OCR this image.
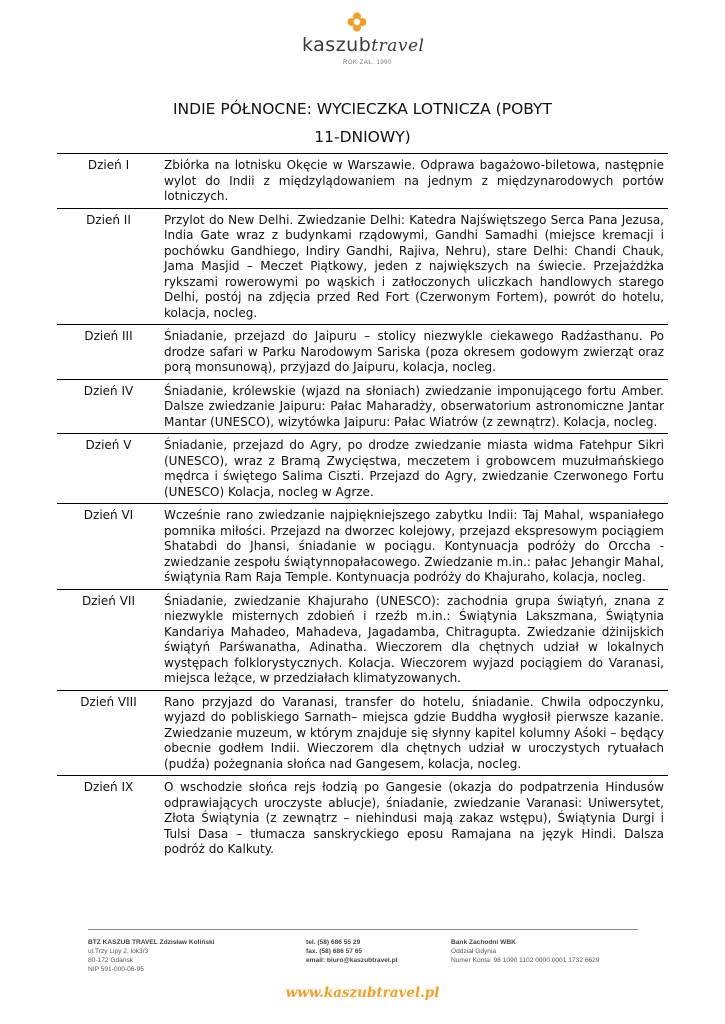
kaszubtravel
ROK ZAŁ. 1990
INDIE PÓŁNOCNE: WYCIECZKA LOTNICZA (POBYT
11-DNIOWY)
Dzień I	Zbiórka na lotnisku Okęcie w Warszawie. Odprawa bagażowo-biletowa, następnie wylot do Indii z międzylądowaniem na jednym z międzynarodowych portów lotniczych.
Dzień II	Przylot do New Delhi. Zwiedzanie Delhi: Katedra Najświętszego Serca Pana Jezusa, India Gate wraz z budynkami rządowymi, Gandhi Samadhi (miejsce kremacji i pochówku Gandhiego, Indiry Gandhi, Rajiva, Nehru), stare Delhi: Chandi Chauk, Jama Masjid – Meczet Piątkowy, jeden z największych na świecie. Przejażdżka rykszami rowerowymi po wąskich i zatłoczonych uliczkach handlowych starego Delhi, postój na zdjęcia przed Red Fort (Czerwonym Fortem), powrót do hotelu, kolacja, nocleg.
Dzień III	Śniadanie, przejazd do Jaipuru – stolicy niezwykle ciekawego Radźasthanu. Po drodze safari w Parku Narodowym Sariska (poza okresem godowym zwierząt oraz porą monsunową), przyjazd do Jaipuru, kolacja, nocleg.
Dzień IV	Śniadanie, królewskie (wjazd na słoniach) zwiedzanie imponującego fortu Amber. Dalsze zwiedzanie Jaipuru: Pałac Maharadży, obserwatorium astronomiczne Jantar Mantar (UNESCO), wizytówka Jaipuru: Pałac Wiatrów (z zewnątrz). Kolacja, nocleg.
Dzień V	Śniadanie, przejazd do Agry, po drodze zwiedzanie miasta widma Fatehpur Sikri (UNESCO), wraz z Bramą Zwycięstwa, meczetem i grobowcem muzułmańskiego mędrca i świętego Salima Ciszti. Przejazd do Agry, zwiedzanie Czerwonego Fortu (UNESCO) Kolacja, nocleg w Agrze.
Dzień VI	Wcześnie rano zwiedzanie najpiękniejszego zabytku Indii: Taj Mahal, wspaniałego pomnika miłości. Przejazd na dworzec kolejowy, przejazd ekspresowym pociągiem Shatabdi do Jhansi, śniadanie w pociągu. Kontynuacja podróży do Orccha - zwiedzanie zespołu świątynnopałacowego. Zwiedzanie m.in.: pałac Jehangir Mahal, świątynia Ram Raja Temple. Kontynuacja podróży do Khajuraho, kolacja, nocleg.
Dzień VII	Śniadanie, zwiedzanie Khajuraho (UNESCO): zachodnia grupa świątyń, znana z niezwykle misternych zdobień i rzeźb m.in.: Świątynia Lakszmana, Świątynia Kandariya Mahadeo, Mahadeva, Jagadamba, Chitragupta. Zwiedzanie dżinijskich świątyń Parśwanatha, Adinatha. Wieczorem dla chętnych udział w lokalnych występach folklorystycznych. Kolacja. Wieczorem wyjazd pociągiem do Varanasi, miejsca leżące, w przedziałach klimatyzowanych.
Dzień VIII	Rano przyjazd do Varanasi, transfer do hotelu, śniadanie. Chwila odpoczynku, wyjazd do pobliskiego Sarnath– miejsca gdzie Buddha wygłosił pierwsze kazanie. Zwiedzanie muzeum, w którym znajduje się słynny kapitel kolumny Aśoki – będący obecnie godłem Indii. Wieczorem dla chętnych udział w uroczystych rytuałach (pudźa) pożegnania słońca nad Gangesem, kolacja, nocleg.
Dzień IX	O wschodzie słońca rejs łodzią po Gangesie (okazja do podpatrzenia Hindusów odprawiających uroczyste ablucje), śniadanie, zwiedzanie Varanasi: Uniwersytet, Złota Świątynia (z zewnątrz – niehindusi mają zakaz wstępu), Świątynia Durgi i Tulsi Dasa – tłumacza sanskryckiego eposu Ramajana na język Hindi. Dalsza podróż do Kalkuty.
BTZ KASZUB TRAVEL Zdzisław Koliński
ul.Trzy Lipy 2, lok3/3
80-172 Gdańsk
NIP 591-000-06-95
tel. (58) 686 55 29
fax. (58) 686 57 65
email: biuro@kaszubtravel.pl
Bank Zachodni WBK
Oddział Gdynia
Numer Konta: 98 1090 1102 0000 0001 1732 6629
www.kaszubtravel.pl
